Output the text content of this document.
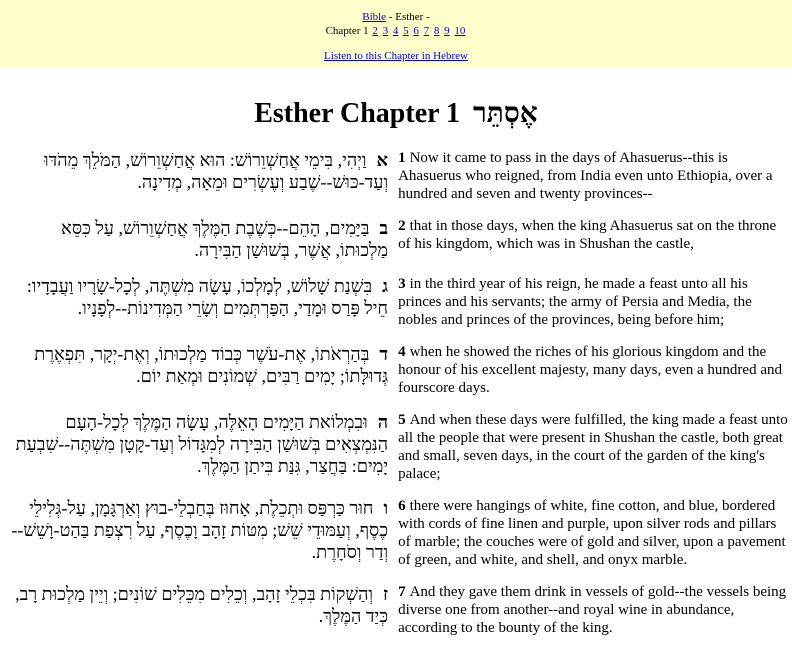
Bible - Esther -
Chapter 1 2 3 4 5 6 7 8 9 10
Listen to this Chapter in Hebrew
Esther Chapter 1 אֶסְתֵּר
אוַיְהִי, בִּימֵי אֲחַשְׁוֵרוֹשׁ: הוּא אֲחַשְׁוֵרוֹשׁ, הַמֹּלֵךְ מֵהֹדּוּ וְעַד-כּוּשׁ--שֶׁבַע וְעֶשְׂרִים וּמֵאָה, מְדִינָה.	1 Now it came to pass in the days of Ahasuerus--this is Ahasuerus who reigned, from India even unto Ethiopia, over a hundred and seven and twenty provinces--
בבַּיָּמִים, הָהֵם--כְּשֶׁבֶת הַמֶּלֶךְ אֲחַשְׁוֵרוֹשׁ, עַל כִּסֵּא מַלְכוּתוֹ, אֲשֶׁר, בְּשׁוּשַׁן הַבִּירָה.	2 that in those days, when the king Ahasuerus sat on the throne of his kingdom, which was in Shushan the castle,
גבִּשְׁנַת שָׁלוֹשׁ, לְמָלְכוֹ, עָשָׂה מִשְׁתֶּה, לְכָל-שָׂרָיו וַעֲבָדָיו: חֵיל פָּרַס וּמָדַי, הַפַּרְתְּמִים וְשָׂרֵי הַמְּדִינוֹת--לְפָנָיו.	3 in the third year of his reign, he made a feast unto all his princes and his servants; the army of Persia and Media, the nobles and princes of the provinces, being before him;
דבְּהַרְאֹתוֹ, אֶת-עֹשֶׁר כְּבוֹד מַלְכוּתוֹ, וְאֶת-יְקָר, תִּפְאֶרֶת גְּדוּלָּתוֹ; יָמִים רַבִּים, שְׁמוֹנִים וּמְאַת יוֹם.	4 when he showed the riches of his glorious kingdom and the honour of his excellent majesty, many days, even a hundred and fourscore days.
הוּבִמְלוֹאת הַיָּמִים הָאֵלֶּה, עָשָׂה הַמֶּלֶךְ לְכָל-הָעָם הַנִּמְצְאִים בְּשׁוּשַׁן הַבִּירָה לְמִגָּדוֹל וְעַד-קָטָן מִשְׁתֶּה--שִׁבְעַת יָמִים: בַּחֲצַר, גִּנַּת בִּיתַן הַמֶּלֶךְ.	5 And when these days were fulfilled, the king made a feast unto all the people that were present in Shushan the castle, both great and small, seven days, in the court of the garden of the king's palace;
וחוּר כַּרְפַּס וּתְכֵלֶת, אָחוּז בְּחַבְלֵי-בוּץ וְאַרְגָּמָן, עַל-גְּלִילֵי כֶסֶף, וְעַמּוּדֵי שֵׁשׁ; מִטּוֹת זָהָב וָכֶסֶף, עַל רִצְפַת בַּהַט-וָשֵׁשׁ--וְדַר וְסֹחָרֶת.	6 there were hangings of white, fine cotton, and blue, bordered with cords of fine linen and purple, upon silver rods and pillars of marble; the couches were of gold and silver, upon a pavement of green, and white, and shell, and onyx marble.
זוְהַשְׁקוֹת בִּכְלֵי זָהָב, וְכֵלִים מִכֵּלִים שׁוֹנִים; וְיֵין מַלְכוּת רָב, כְּיַד הַמֶּלֶךְ.	7 And they gave them drink in vessels of gold--the vessels being diverse one from another--and royal wine in abundance, according to the bounty of the king.
